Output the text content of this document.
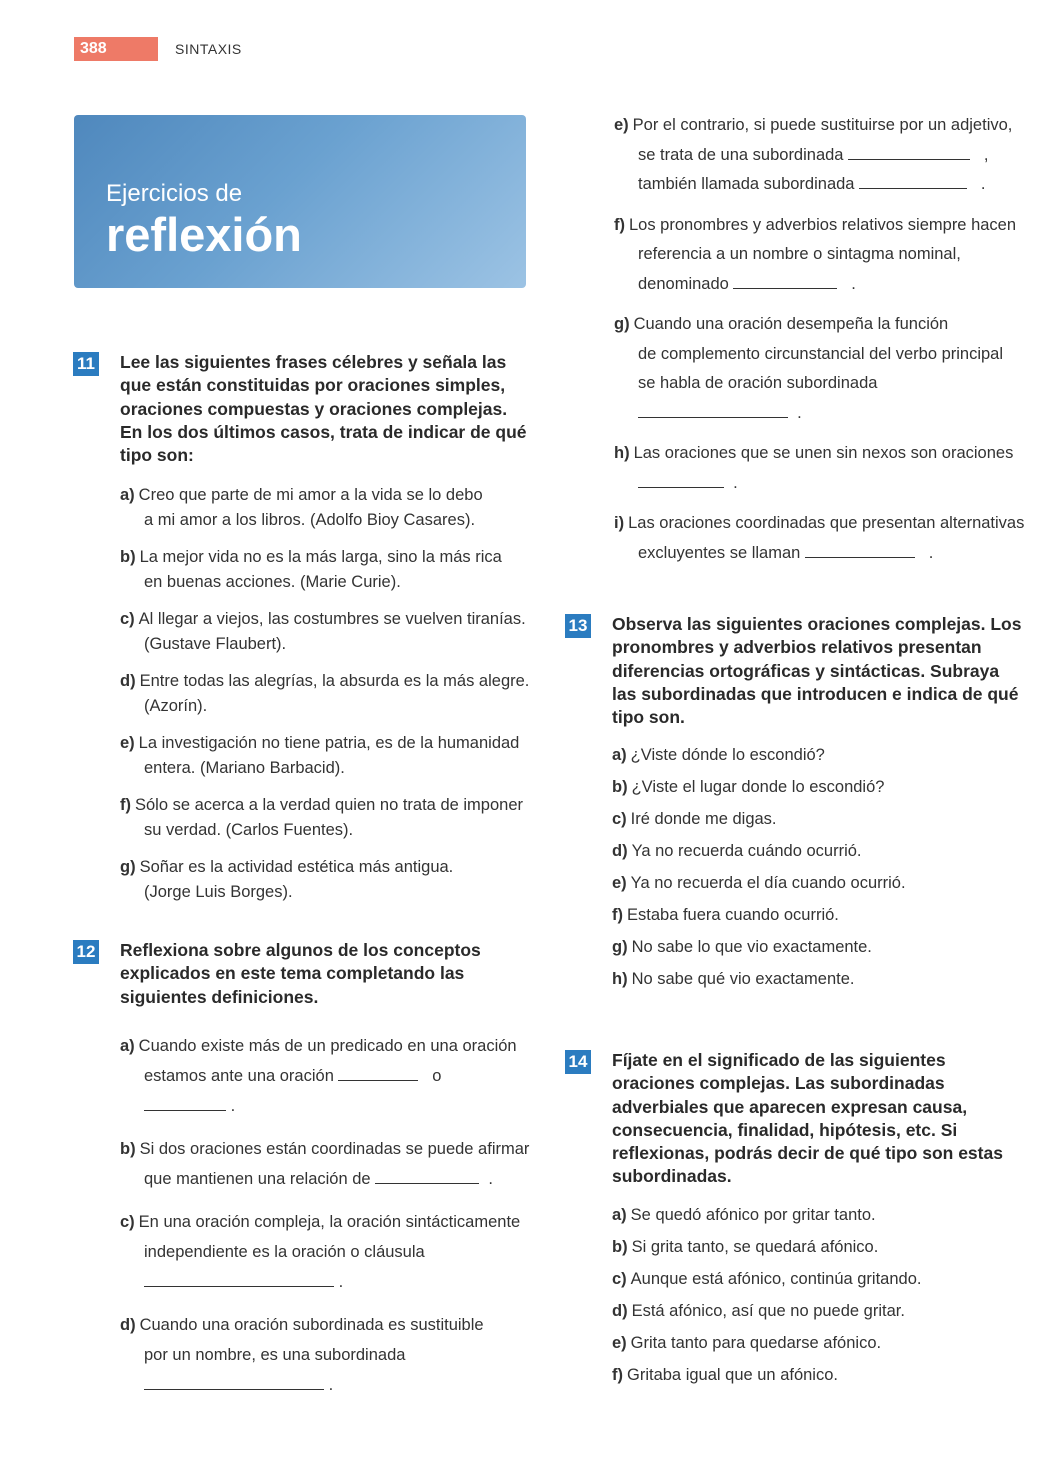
388	SINTAXIS
Ejercicios de
reflexión
11 Lee las siguientes frases célebres y señala las que están constituidas por oraciones simples, oraciones compuestas y oraciones complejas. En los dos últimos casos, trata de indicar de qué tipo son:
a) Creo que parte de mi amor a la vida se lo debo
a mi amor a los libros. (Adolfo Bioy Casares).
b) La mejor vida no es la más larga, sino la más rica
en buenas acciones. (Marie Curie).
c) Al llegar a viejos, las costumbres se vuelven tiranías.
(Gustave Flaubert).
d) Entre todas las alegrías, la absurda es la más alegre.
(Azorín).
e) La investigación no tiene patria, es de la humanidad
entera. (Mariano Barbacid).
f) Sólo se acerca a la verdad quien no trata de imponer
su verdad. (Carlos Fuentes).
g) Soñar es la actividad estética más antigua.
(Jorge Luis Borges).
12 Reflexiona sobre algunos de los conceptos explicados en este tema completando las siguientes definiciones.
a) Cuando existe más de un predicado en una oración
estamos ante una oración	o
.
b) Si dos oraciones están coordinadas se puede afirmar
que mantienen una relación de	.
c) En una oración compleja, la oración sintácticamente
independiente es la oración o cláusula
.
d) Cuando una oración subordinada es sustituible
por un nombre, es una subordinada
.
e) Por el contrario, si puede sustituirse por un adjetivo,
se trata de una subordinada	,
también llamada subordinada	.
f) Los pronombres y adverbios relativos siempre hacen
referencia a un nombre o sintagma nominal,
denominado	.
g) Cuando una oración desempeña la función
de complemento circunstancial del verbo principal
se habla de oración subordinada
.
h) Las oraciones que se unen sin nexos son oraciones
.
i) Las oraciones coordinadas que presentan alternativas
excluyentes se llaman	.
13 Observa las siguientes oraciones complejas. Los pronombres y adverbios relativos presentan diferencias ortográficas y sintácticas. Subraya las subordinadas que introducen e indica de qué tipo son.
a) ¿Viste dónde lo escondió?
b) ¿Viste el lugar donde lo escondió?
c) Iré donde me digas.
d) Ya no recuerda cuándo ocurrió.
e) Ya no recuerda el día cuando ocurrió.
f) Estaba fuera cuando ocurrió.
g) No sabe lo que vio exactamente.
h) No sabe qué vio exactamente.
14 Fíjate en el significado de las siguientes oraciones complejas. Las subordinadas adverbiales que aparecen expresan causa, consecuencia, finalidad, hipótesis, etc. Si reflexionas, podrás decir de qué tipo son estas subordinadas.
a) Se quedó afónico por gritar tanto.
b) Si grita tanto, se quedará afónico.
c) Aunque está afónico, continúa gritando.
d) Está afónico, así que no puede gritar.
e) Grita tanto para quedarse afónico.
f) Gritaba igual que un afónico.
